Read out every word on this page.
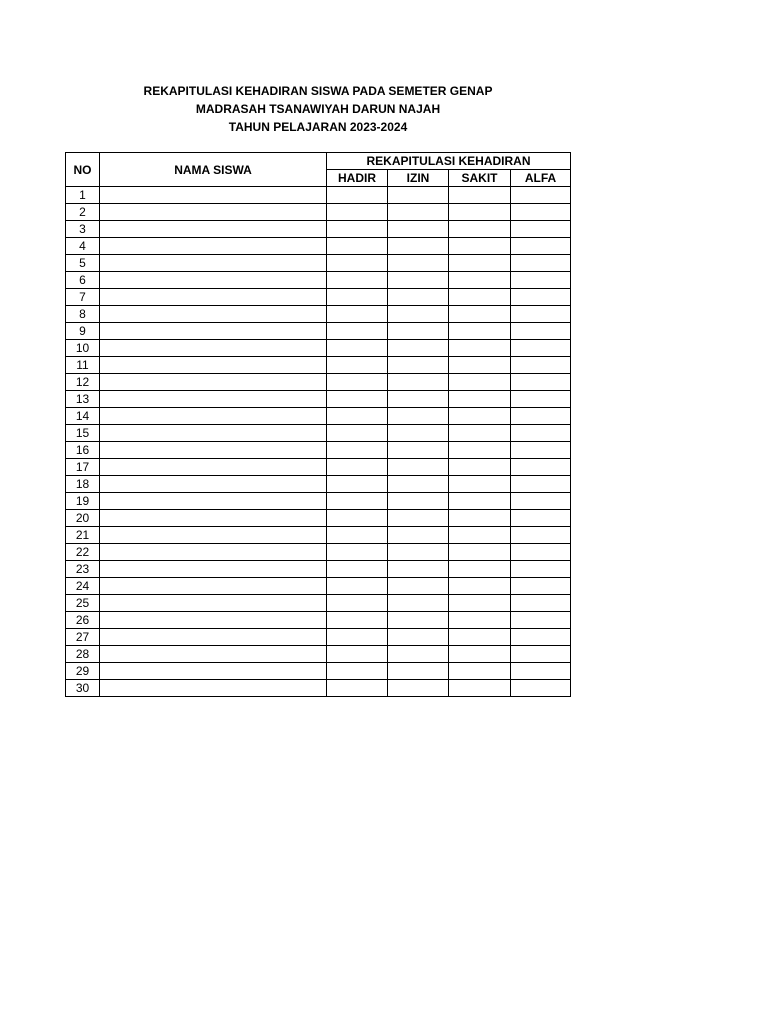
REKAPITULASI KEHADIRAN SISWA PADA SEMETER GENAP
MADRASAH TSANAWIYAH DARUN NAJAH
TAHUN PELAJARAN 2023-2024
NO	NAMA SISWA	REKAPITULASI KEHADIRAN			
		HADIR	IZIN	SAKIT	ALFA
1					
2					
3					
4					
5					
6					
7					
8					
9					
10					
11					
12					
13					
14					
15					
16					
17					
18					
19					
20					
21					
22					
23					
24					
25					
26					
27					
28					
29					
30					
